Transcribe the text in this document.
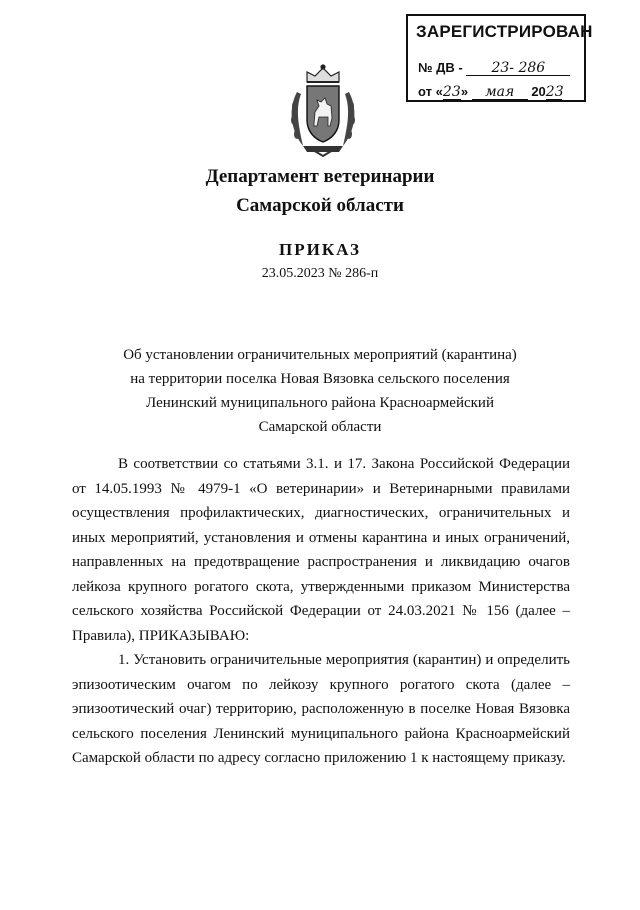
ЗАРЕГИСТРИРОВАН
№ ДВ - 23- 286
от «23» мая 2023
Департамент ветеринарии
Самарской области
ПРИКАЗ
23.05.2023 № 286-п
Об установлении ограничительных мероприятий (карантина)
на территории поселка Новая Вязовка сельского поселения
Ленинский муниципального района Красноармейский
Самарской области

В соответствии со статьями 3.1. и 17. Закона Российской Федерации от 14.05.1993 № 4979-1 «О ветеринарии» и Ветеринарными правилами осуществления профилактических, диагностических, ограничительных и иных мероприятий, установления и отмены карантина и иных ограничений, направленных на предотвращение распространения и ликвидацию очагов лейкоза крупного рогатого скота, утвержденными приказом Министерства сельского хозяйства Российской Федерации от 24.03.2021 № 156 (далее – Правила), ПРИКАЗЫВАЮ:

1. Установить ограничительные мероприятия (карантин) и определить эпизоотическим очагом по лейкозу крупного рогатого скота (далее – эпизоотический очаг) территорию, расположенную в поселке Новая Вязовка сельского поселения Ленинский муниципального района Красноармейский Самарской области по адресу согласно приложению 1 к настоящему приказу.
